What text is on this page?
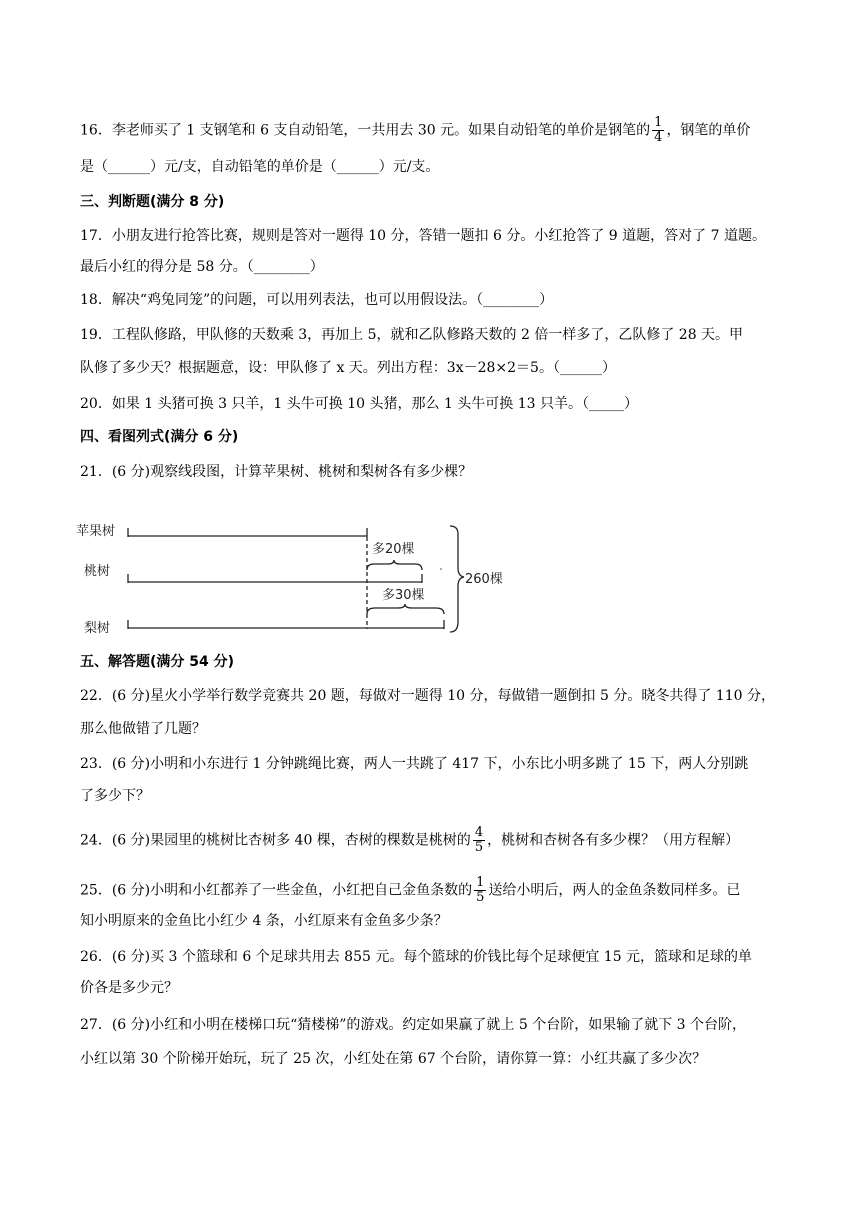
16．李老师买了 1 支钢笔和 6 支自动铅笔，一共用去 30 元。如果自动铅笔的单价是钢笔的 $\frac{1}{4}$ ，钢笔的单价
是（______）元/支，自动铅笔的单价是（______）元/支。
三、判断题(满分 8 分)
17．小朋友进行抢答比赛，规则是答对一题得 10 分，答错一题扣 6 分。小红抢答了 9 道题，答对了 7 道题。
最后小红的得分是 58 分。（________）
18．解决“鸡兔同笼”的问题，可以用列表法，也可以用假设法。（________）
19．工程队修路，甲队修的天数乘 3，再加上 5，就和乙队修路天数的 2 倍一样多了，乙队修了 28 天。甲
队修了多少天？根据题意，设：甲队修了 x 天。列出方程：3x－28×2＝5。（______）
20．如果 1 头猪可换 3 只羊，1 头牛可换 10 头猪，那么 1 头牛可换 13 只羊。（_____）
四、看图列式(满分 6 分)
21．(6 分)观察线段图，计算苹果树、桃树和梨树各有多少棵？
苹果树
桃树
梨树
多20棵
多30棵
260棵
五、解答题(满分 54 分)
22．(6 分)星火小学举行数学竞赛共 20 题，每做对一题得 10 分，每做错一题倒扣 5 分。晓冬共得了 110 分，
那么他做错了几题？
23．(6 分)小明和小东进行 1 分钟跳绳比赛，两人一共跳了 417 下，小东比小明多跳了 15 下，两人分别跳
了多少下？
24．(6 分)果园里的桃树比杏树多 40 棵，杏树的棵数是桃树的 $\frac{4}{5}$ ，桃树和杏树各有多少棵？（用方程解）
25．(6 分)小明和小红都养了一些金鱼，小红把自己金鱼条数的 $\frac{1}{5}$ 送给小明后，两人的金鱼条数同样多。已
知小明原来的金鱼比小红少 4 条，小红原来有金鱼多少条？
26．(6 分)买 3 个篮球和 6 个足球共用去 855 元。每个篮球的价钱比每个足球便宜 15 元，篮球和足球的单
价各是多少元？
27．(6 分)小红和小明在楼梯口玩“猜楼梯”的游戏。约定如果赢了就上 5 个台阶，如果输了就下 3 个台阶，
小红以第 30 个阶梯开始玩，玩了 25 次，小红处在第 67 个台阶，请你算一算：小红共赢了多少次？
